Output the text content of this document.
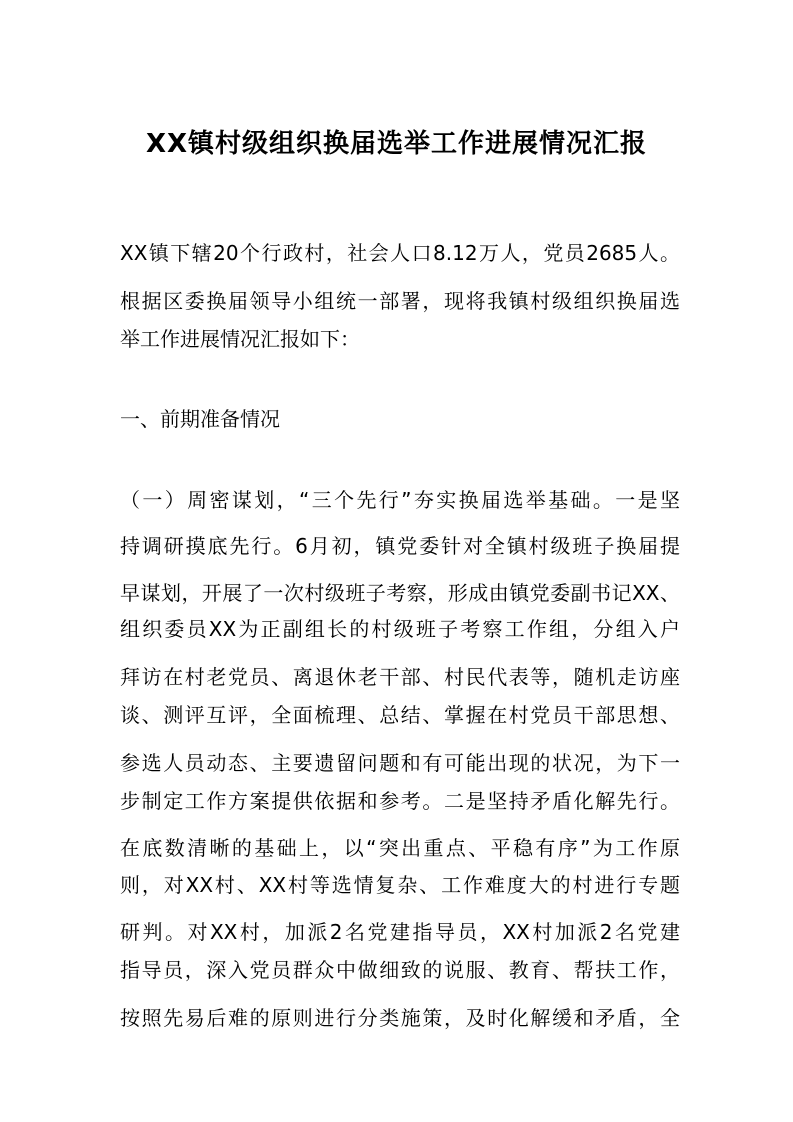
XX镇村级组织换届选举工作进展情况汇报
XX镇下辖20个行政村，社会人口8.12万人，党员2685人。
根据区委换届领导小组统一部署，现将我镇村级组织换届选
举工作进展情况汇报如下：
一、前期准备情况
（一）周密谋划，“三个先行”夯实换届选举基础。一是坚
持调研摸底先行。6月初，镇党委针对全镇村级班子换届提
早谋划，开展了一次村级班子考察，形成由镇党委副书记XX、
组织委员XX为正副组长的村级班子考察工作组，分组入户
拜访在村老党员、离退休老干部、村民代表等，随机走访座
谈、测评互评，全面梳理、总结、掌握在村党员干部思想、
参选人员动态、主要遗留问题和有可能出现的状况，为下一
步制定工作方案提供依据和参考。二是坚持矛盾化解先行。
在底数清晰的基础上，以“突出重点、平稳有序”为工作原
则，对XX村、XX村等选情复杂、工作难度大的村进行专题
研判。对XX村，加派2名党建指导员，XX村加派2名党建
指导员，深入党员群众中做细致的说服、教育、帮扶工作，
按照先易后难的原则进行分类施策，及时化解缓和矛盾，全
